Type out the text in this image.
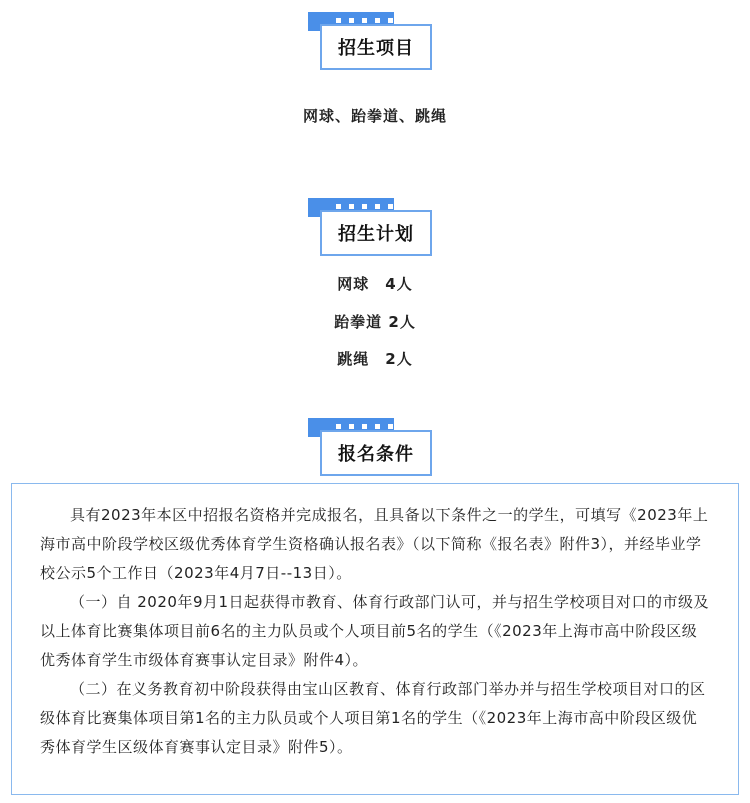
招生项目
网球、跆拳道、跳绳
招生计划
网球　4人
跆拳道 2人
跳绳　2人
报名条件

具有2023年本区中招报名资格并完成报名，且具备以下条件之一的学生，可填写《2023年上海市高中阶段学校区级优秀体育学生资格确认报名表》（以下简称《报名表》附件3），并经毕业学校公示5个工作日（2023年4月7日--13日）。

（一）自 2020年9月1日起获得市教育、体育行政部门认可，并与招生学校项目对口的市级及以上体育比赛集体项目前6名的主力队员或个人项目前5名的学生（《2023年上海市高中阶段区级优秀体育学生市级体育赛事认定目录》附件4）。

（二）在义务教育初中阶段获得由宝山区教育、体育行政部门举办并与招生学校项目对口的区级体育比赛集体项目第1名的主力队员或个人项目第1名的学生（《2023年上海市高中阶段区级优秀体育学生区级体育赛事认定目录》附件5）。
